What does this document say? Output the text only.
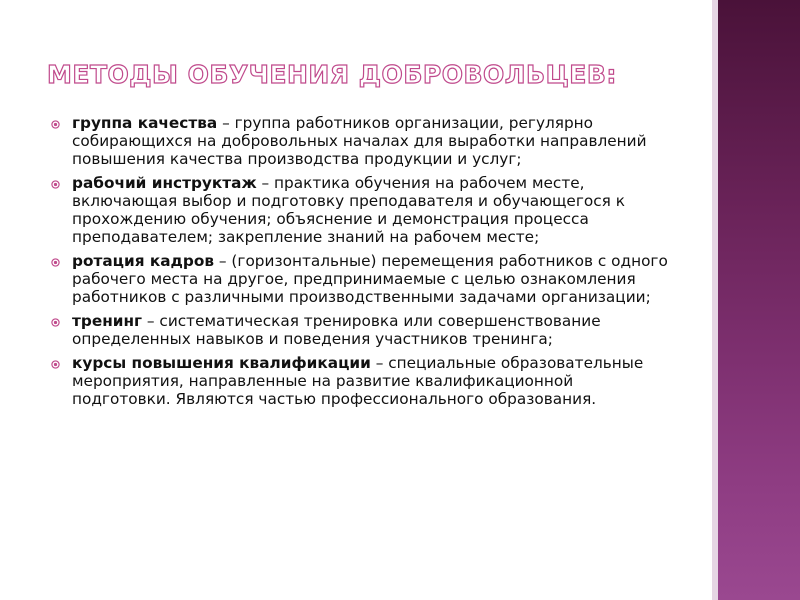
МЕТОДЫ ОБУЧЕНИЯ ДОБРОВОЛЬЦЕВ:
группа качества – группа работников организации, регулярно собирающихся на добровольных началах для выработки направлений повышения качества производства продукции и услуг;
рабочий инструктаж – практика обучения на рабочем месте, включающая выбор и подготовку преподавателя и обучающегося к прохождению обучения; объяснение и демонстрация процесса преподавателем; закрепление знаний на рабочем месте;
ротация кадров – (горизонтальные) перемещения работников с одного рабочего места на другое, предпринимаемые с целью ознакомления работников с различными производственными задачами организации;
тренинг – систематическая тренировка или совершенствование определенных навыков и поведения участников тренинга;
курсы повышения квалификации – специальные образовательные мероприятия, направленные на развитие квалификационной подготовки. Являются частью профессионального образования.
